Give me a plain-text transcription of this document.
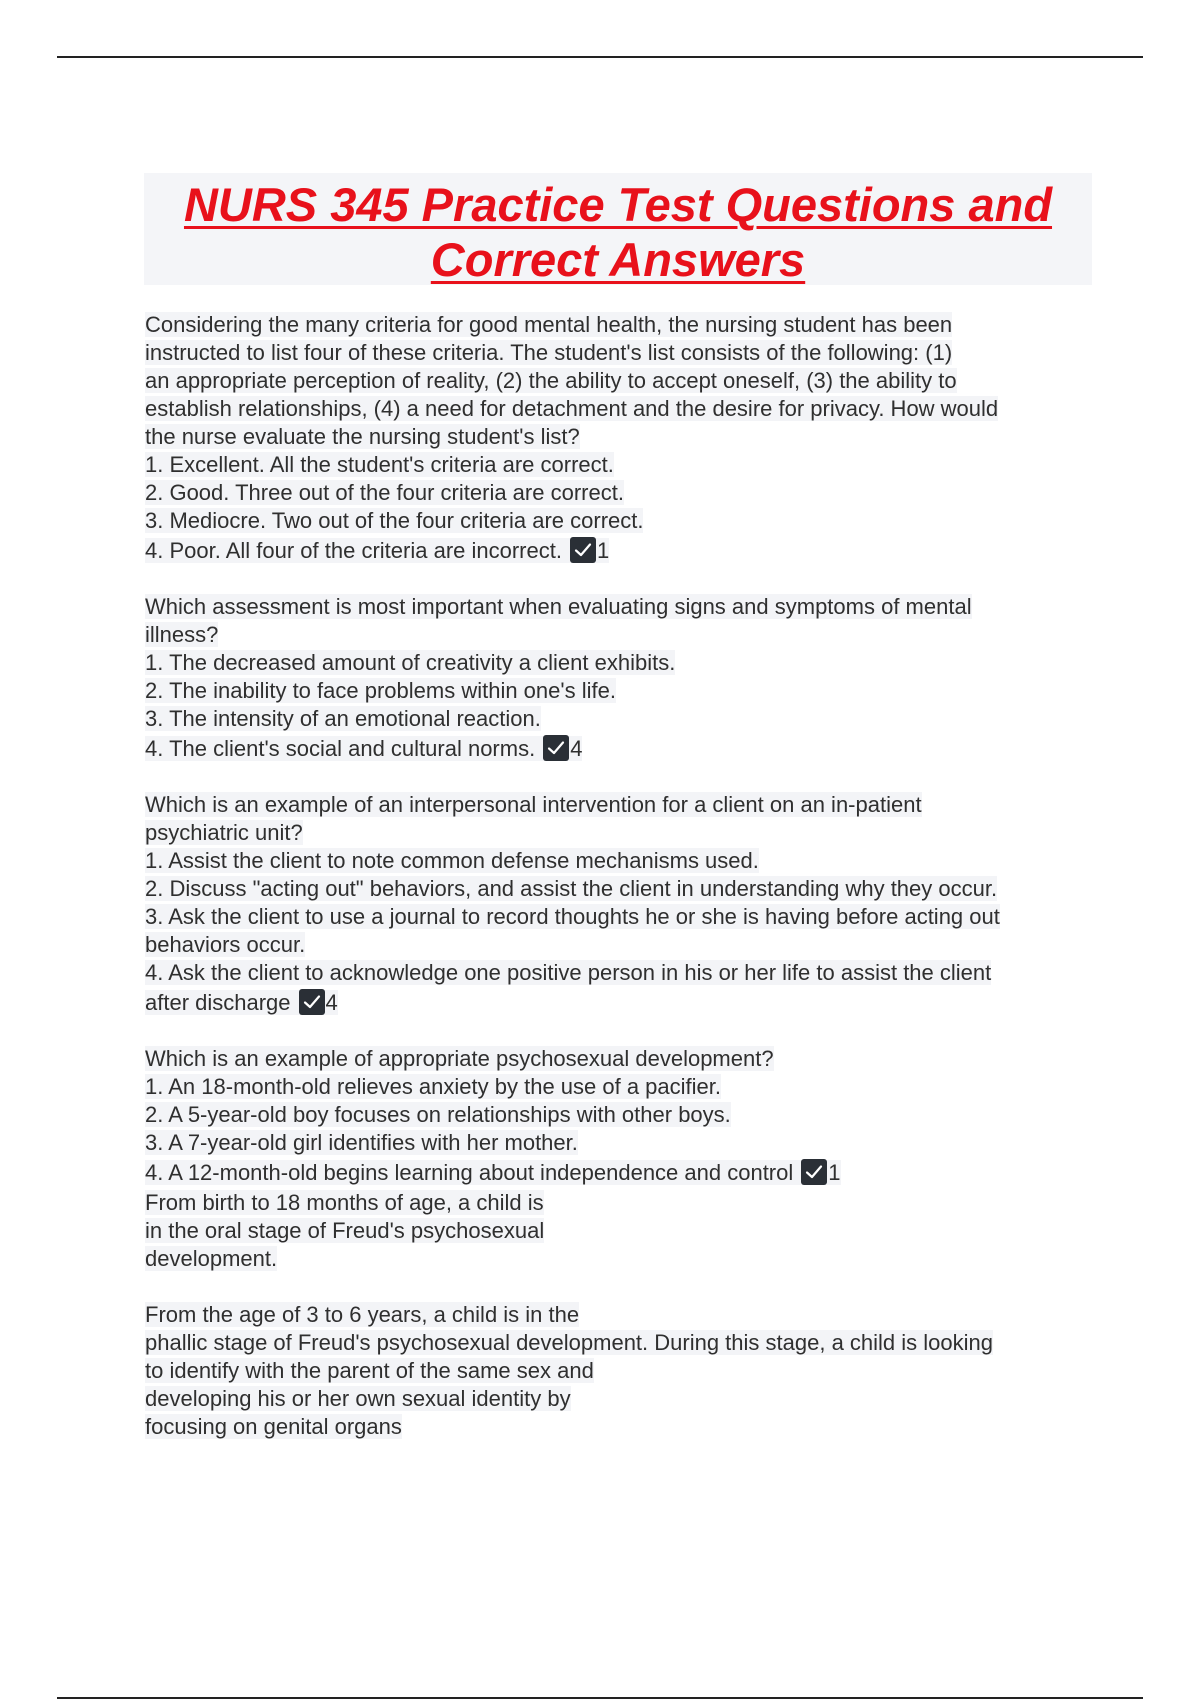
NURS 345 Practice Test Questions and
Correct Answers
Considering the many criteria for good mental health, the nursing student has been
instructed to list four of these criteria. The student's list consists of the following: (1)
an appropriate perception of reality, (2) the ability to accept oneself, (3) the ability to
establish relationships, (4) a need for detachment and the desire for privacy. How would
the nurse evaluate the nursing student's list?
1. Excellent. All the student's criteria are correct.
2. Good. Three out of the four criteria are correct.
3. Mediocre. Two out of the four criteria are correct.
4. Poor. All four of the criteria are incorrect. 1
Which assessment is most important when evaluating signs and symptoms of mental
illness?
1. The decreased amount of creativity a client exhibits.
2. The inability to face problems within one's life.
3. The intensity of an emotional reaction.
4. The client's social and cultural norms. 4
Which is an example of an interpersonal intervention for a client on an in-patient
psychiatric unit?
1. Assist the client to note common defense mechanisms used.
2. Discuss "acting out" behaviors, and assist the client in understanding why they occur.
3. Ask the client to use a journal to record thoughts he or she is having before acting out
behaviors occur.
4. Ask the client to acknowledge one positive person in his or her life to assist the client
after discharge 4
Which is an example of appropriate psychosexual development?
1. An 18-month-old relieves anxiety by the use of a pacifier.
2. A 5-year-old boy focuses on relationships with other boys.
3. A 7-year-old girl identifies with her mother.
4. A 12-month-old begins learning about independence and control 1
From birth to 18 months of age, a child is
in the oral stage of Freud's psychosexual
development.
From the age of 3 to 6 years, a child is in the
phallic stage of Freud's psychosexual development. During this stage, a child is looking
to identify with the parent of the same sex and
developing his or her own sexual identity by
focusing on genital organs
